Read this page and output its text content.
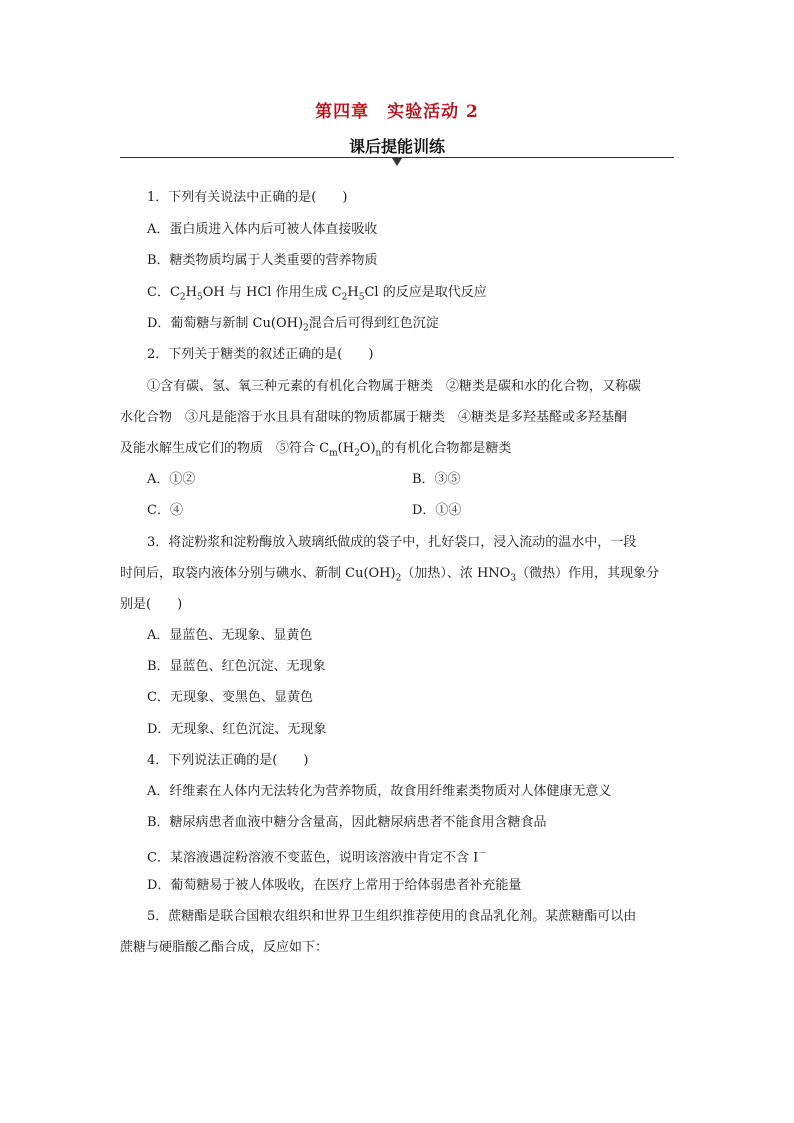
第四章　实验活动 2
课后提能训练
1．下列有关说法中正确的是(　　)
A．蛋白质进入体内后可被人体直接吸收
B．糖类物质均属于人类重要的营养物质
C．$C_2H_5OH$ 与 HCl 作用生成 $C_2H_5Cl$ 的反应是取代反应
D．葡萄糖与新制 $Cu(OH)_2$混合后可得到红色沉淀
2．下列关于糖类的叙述正确的是(　　)
①含有碳、氢、氧三种元素的有机化合物属于糖类　②糖类是碳和水的化合物，又称碳
水化合物　③凡是能溶于水且具有甜味的物质都属于糖类　④糖类是多羟基醛或多羟基酮
及能水解生成它们的物质　⑤符合 $C_m(H_2O)_n$的有机化合物都是糖类
A．①②	B．③⑤
C．④	D．①④
3．将淀粉浆和淀粉酶放入玻璃纸做成的袋子中，扎好袋口，浸入流动的温水中，一段
时间后，取袋内液体分别与碘水、新制 $Cu(OH)_2$（加热）、浓 $HNO_3$（微热）作用，其现象分
别是(　　)
A．显蓝色、无现象、显黄色
B．显蓝色、红色沉淀、无现象
C．无现象、变黑色、显黄色
D．无现象、红色沉淀、无现象
4．下列说法正确的是(　　)
A．纤维素在人体内无法转化为营养物质，故食用纤维素类物质对人体健康无意义
B．糖尿病患者血液中糖分含量高，因此糖尿病患者不能食用含糖食品
C．某溶液遇淀粉溶液不变蓝色，说明该溶液中肯定不含 I－
D．葡萄糖易于被人体吸收，在医疗上常用于给体弱患者补充能量
5．蔗糖酯是联合国粮农组织和世界卫生组织推荐使用的食品乳化剂。某蔗糖酯可以由
蔗糖与硬脂酸乙酯合成，反应如下：
